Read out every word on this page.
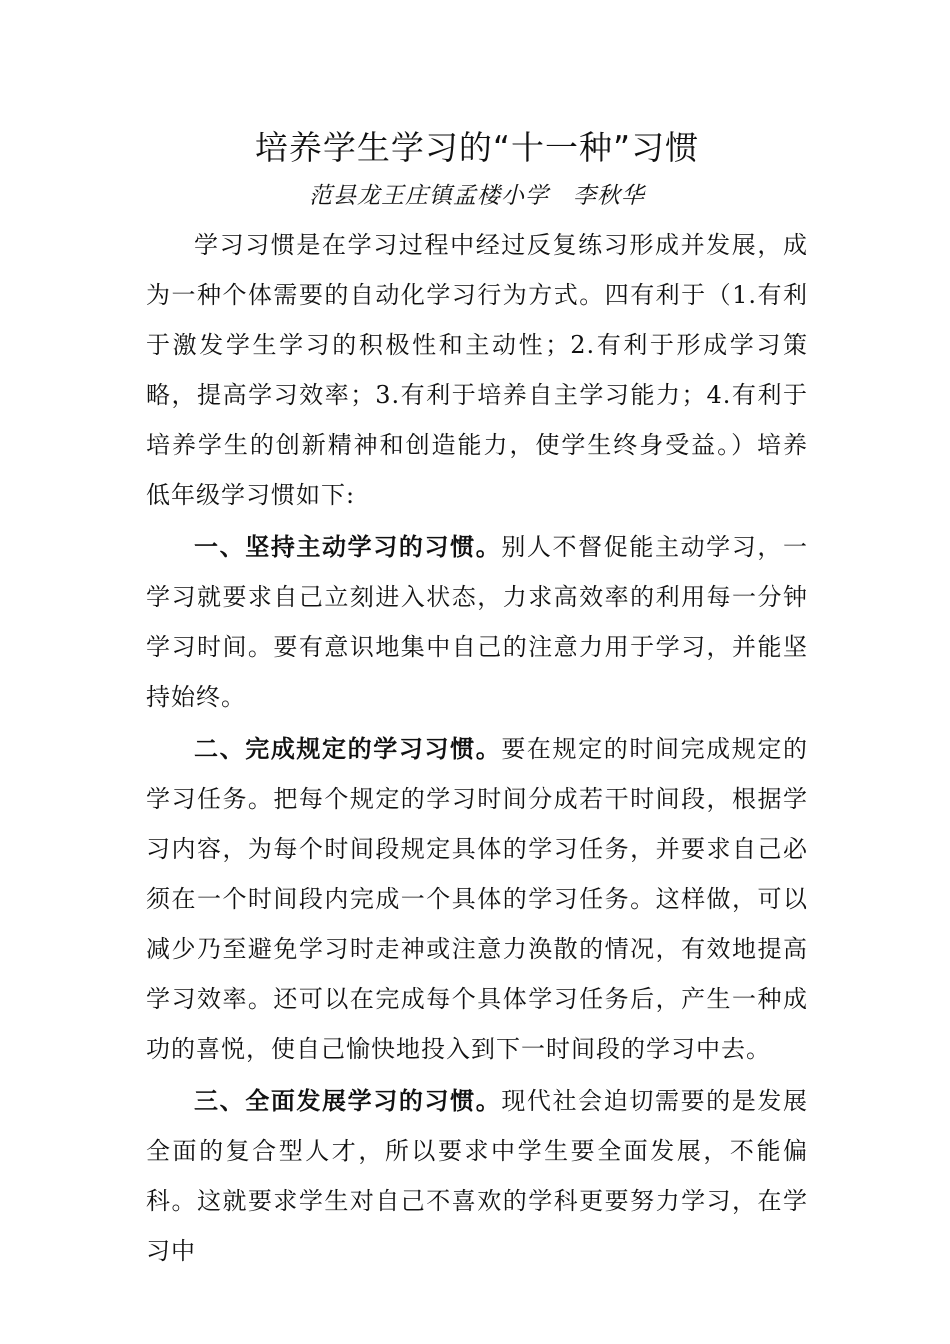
培养学生学习的“十一种”习惯

范县龙王庄镇孟楼小学　李秋华

学习习惯是在学习过程中经过反复练习形成并发展，成为一种个体需要的自动化学习行为方式。四有利于（1.有利于激发学生学习的积极性和主动性；2.有利于形成学习策略，提高学习效率；3.有利于培养自主学习能力；4.有利于培养学生的创新精神和创造能力，使学生终身受益。）培养低年级学习惯如下:

一、坚持主动学习的习惯。别人不督促能主动学习，一学习就要求自己立刻进入状态，力求高效率的利用每一分钟学习时间。要有意识地集中自己的注意力用于学习，并能坚持始终。

二、完成规定的学习习惯。要在规定的时间完成规定的学习任务。把每个规定的学习时间分成若干时间段，根据学习内容，为每个时间段规定具体的学习任务，并要求自己必须在一个时间段内完成一个具体的学习任务。这样做，可以减少乃至避免学习时走神或注意力涣散的情况，有效地提高学习效率。还可以在完成每个具体学习任务后，产生一种成功的喜悦，使自己愉快地投入到下一时间段的学习中去。

三、全面发展学习的习惯。现代社会迫切需要的是发展全面的复合型人才，所以要求中学生要全面发展，不能偏科。这就要求学生对自己不喜欢的学科更要努力学习，在学习中
